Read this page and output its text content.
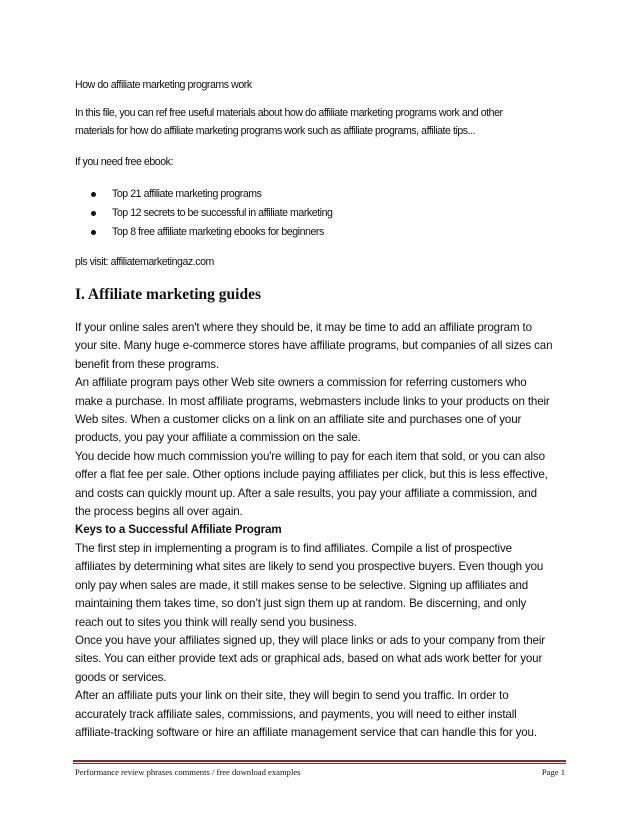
How do affiliate marketing programs work
In this file, you can ref free useful materials about how do affiliate marketing programs work and other
materials for how do affiliate marketing programs work such as affiliate programs, affiliate tips...
If you need free ebook:
Top 21 affiliate marketing programs
Top 12 secrets to be successful in affiliate marketing
Top 8 free affiliate marketing ebooks for beginners
pls visit: affiliatemarketingaz.com
I. Affiliate marketing guides
If your online sales aren't where they should be, it may be time to add an affiliate program to
your site. Many huge e-commerce stores have affiliate programs, but companies of all sizes can
benefit from these programs.
An affiliate program pays other Web site owners a commission for referring customers who
make a purchase. In most affiliate programs, webmasters include links to your products on their
Web sites. When a customer clicks on a link on an affiliate site and purchases one of your
products, you pay your affiliate a commission on the sale.
You decide how much commission you're willing to pay for each item that sold, or you can also
offer a flat fee per sale. Other options include paying affiliates per click, but this is less effective,
and costs can quickly mount up. After a sale results, you pay your affiliate a commission, and
the process begins all over again.
Keys to a Successful Affiliate Program
The first step in implementing a program is to find affiliates. Compile a list of prospective
affiliates by determining what sites are likely to send you prospective buyers. Even though you
only pay when sales are made, it still makes sense to be selective. Signing up affiliates and
maintaining them takes time, so don’t just sign them up at random. Be discerning, and only
reach out to sites you think will really send you business.
Once you have your affiliates signed up, they will place links or ads to your company from their
sites. You can either provide text ads or graphical ads, based on what ads work better for your
goods or services.
After an affiliate puts your link on their site, they will begin to send you traffic. In order to
accurately track affiliate sales, commissions, and payments, you will need to either install
affiliate-tracking software or hire an affiliate management service that can handle this for you.
Performance review phrases comments / free download examples	Page 1
